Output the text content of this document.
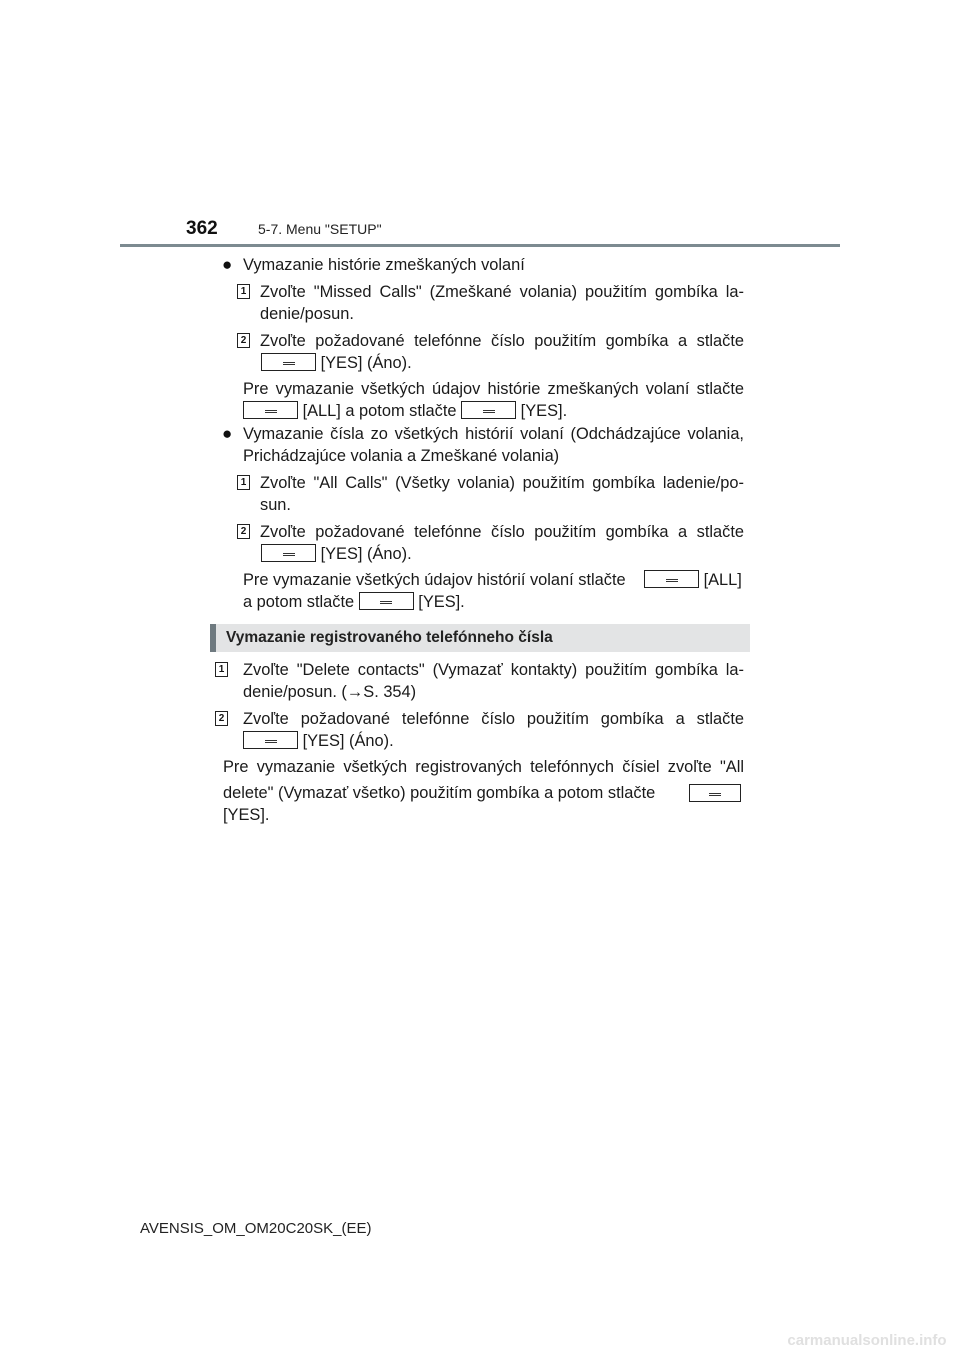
362	5-7. Menu "SETUP"
● Vymazanie histórie zmeškaných volaní
1 Zvoľte "Missed Calls" (Zmeškané volania) použitím gombíka la-
denie/posun.
2 Zvoľte požadované telefónne číslo použitím gombíka a stlačte
[YES] (Áno).
Pre vymazanie všetkých údajov histórie zmeškaných volaní stlačte
[ALL] a potom stlačte	[YES].
● Vymazanie čísla zo všetkých histórií volaní (Odchádzajúce volania,
Prichádzajúce volania a Zmeškané volania)
1 Zvoľte "All Calls" (Všetky volania) použitím gombíka ladenie/po-
sun.
2 Zvoľte požadované telefónne číslo použitím gombíka a stlačte
[YES] (Áno).
Pre vymazanie všetkých údajov histórií volaní stlačte	[ALL]
a potom stlačte	[YES].
Vymazanie registrovaného telefónneho čísla
1 Zvoľte "Delete contacts" (Vymazať kontakty) použitím gombíka la-
denie/posun. (→S. 354)
2 Zvoľte požadované telefónne číslo použitím gombíka a stlačte
[YES] (Áno).
Pre vymazanie všetkých registrovaných telefónnych čísiel zvoľte "All
delete" (Vymazať všetko) použitím gombíka a potom stlačte
[YES].
AVENSIS_OM_OM20C20SK_(EE)
carmanualsonline.info
